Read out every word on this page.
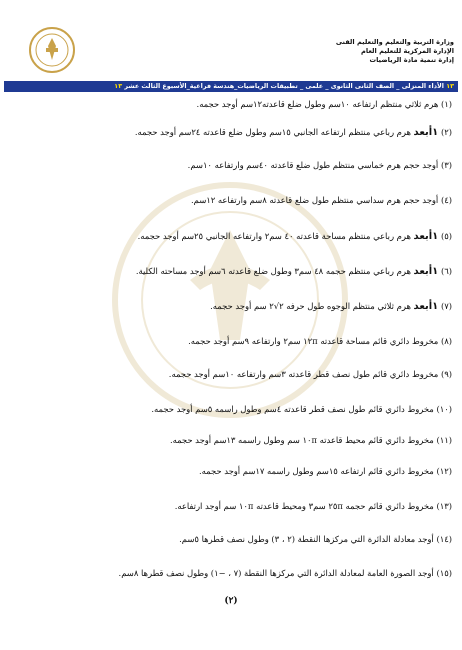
وزارة التربية والتعليم والتعليم الفنى
الإدارة المركزية للتعليم العام
إدارة تنمية مادة الرياضيات
١٣ الأداء المنزلى _ الصف الثانى الثانوى _ علمى _ تطبيقات الرياضيات_هندسة فراغية_الأسبوع الثالث عشر ١٣
(١) هرم ثلاثي منتظم ارتفاعه ١٠سم وطول ضلع قاعدته١٢سم أوجد حجمه.
(٢) ١أبعد هرم رباعي منتظم ارتفاعه الجانبي ١٥سم وطول ضلع قاعدته ٢٤سم أوجد حجمه.
(٣) أوجد حجم هرم خماسي منتظم طول ضلع قاعدته ٤٠سم وارتفاعه ١٠سم.
(٤) أوجد حجم هرم سداسي منتظم طول ضلع قاعدته ٨سم وارتفاعه ١٢سم.
(٥) ١أبعد هرم رباعي منتظم مساحة قاعدته ٤٠ سم٢ وارتفاعه الجانبي ٢٥سم أوجد حجمه.
(٦) ١أبعد هرم رباعي منتظم حجمه ٤٨ سم٣ وطول ضلع قاعدته ٦سم أوجد مساحته الكلية.
(٧) ١أبعد هرم ثلاثي منتظم الوجوه طول حرفه ٢√٢ سم أوجد حجمه.
(٨) مخروط دائري قائم مساحة قاعدته ١٢π سم٢ وارتفاعه ٩سم أوجد حجمه.
(٩) مخروط دائري قائم طول نصف قطر قاعدته ٣سم وارتفاعه ١٠سم أوجد حجمه.
(١٠) مخروط دائري قائم طول نصف قطر قاعدته ٤سم وطول راسمه ٥سم أوجد حجمه.
(١١) مخروط دائري قائم محيط قاعدته ١٠π سم وطول راسمه ١٣سم أوجد حجمه.
(١٢) مخروط دائري قائم ارتفاعه ١٥سم وطول راسمه ١٧سم أوجد حجمه.
(١٣) مخروط دائري قائم حجمه ٢٥π سم٣ ومحيط قاعدته ١٠π سم أوجد ارتفاعه.
(١٤) أوجد معادلة الدائرة التي مركزها النقطة (٢ ، ٣) وطول نصف قطرها ٥سم.
(١٥) أوجد الصورة العامة لمعادلة الدائرة التي مركزها النقطة (٧ ، −١) وطول نصف قطرها ٨سم.
(٢)
